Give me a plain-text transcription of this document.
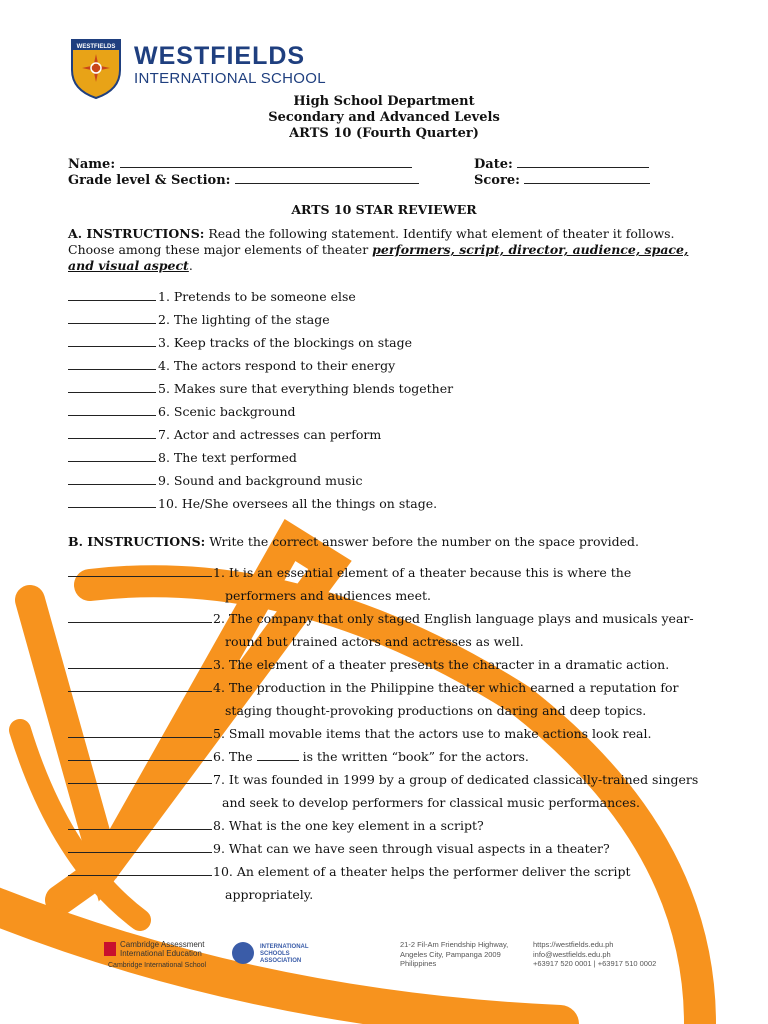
WESTFIELDS WESTFIELDS
INTERNATIONAL SCHOOL
High School Department
Secondary and Advanced Levels
ARTS 10 (Fourth Quarter)
Name:	Date:
Grade level & Section:	Score:
ARTS 10 STAR REVIEWER
A. INSTRUCTIONS: Read the following statement. Identify what element of theater it follows. Choose among these major elements of theater performers, script, director, audience, space, and visual aspect.
1. Pretends to be someone else
2. The lighting of the stage
3. Keep tracks of the blockings on stage
4. The actors respond to their energy
5. Makes sure that everything blends together
6. Scenic background
7. Actor and actresses can perform
8. The text performed
9. Sound and background music
10. He/She oversees all the things on stage.
B. INSTRUCTIONS: Write the correct answer before the number on the space provided.
1. It is an essential element of a theater because this is where the
performers and audiences meet.
2. The company that only staged English language plays and musicals year-
round but trained actors and actresses as well.
3. The element of a theater presents the character in a dramatic action.
4. The production in the Philippine theater which earned a reputation for
staging thought-provoking productions on daring and deep topics.
5. Small movable items that the actors use to make actions look real.
6. The	is the written “book” for the actors.
7. It was founded in 1999 by a group of dedicated classically-trained singers
and seek to develop performers for classical music performances.
8. What is the one key element in a script?
9. What can we have seen through visual aspects in a theater?
10. An element of a theater helps the performer deliver the script
appropriately.
Cambridge Assessment
International Education
Cambridge International School
INTERNATIONAL
SCHOOLS
ASSOCIATION
21-2 Fil-Am Friendship Highway,
Angeles City, Pampanga 2009
Philippines
https://westfields.edu.ph
info@westfields.edu.ph
+63917 520 0001 | +63917 510 0002
